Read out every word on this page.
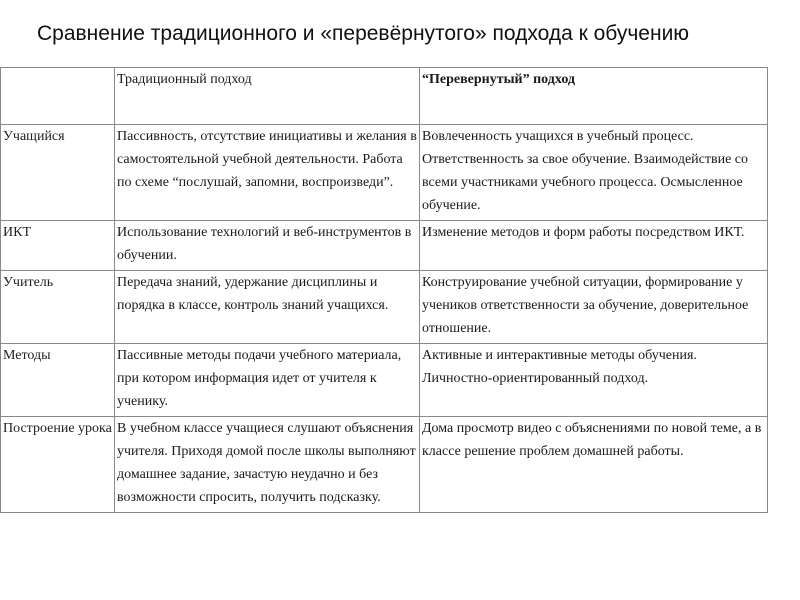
Сравнение традиционного и «перевёрнутого» подхода к обучению
	Традиционный подход	“Перевернутый” подход
Учащийся	Пассивность, отсутствие инициативы и желания в самостоятельной учебной деятельности. Работа по схеме “послушай, запомни, воспроизведи”.	Вовлеченность учащихся в учебный процесс. Ответственность за свое обучение. Взаимодействие со всеми участниками учебного процесса. Осмысленное обучение.
ИКТ	Использование технологий и веб-инструментов в обучении.	Изменение методов и форм работы посредством ИКТ.
Учитель	Передача знаний, удержание дисциплины и порядка в классе, контроль знаний учащихся.	Конструирование учебной ситуации, формирование у учеников ответственности за обучение, доверительное отношение.
Методы	Пассивные методы подачи учебного материала, при котором информация идет от учителя к ученику.	Активные и интерактивные методы обучения. Личностно-ориентированный подход.
Построение урока	В учебном классе учащиеся слушают объяснения учителя. Приходя домой после школы выполняют домашнее задание, зачастую неудачно и без возможности спросить, получить подсказку.	Дома просмотр видео с объяснениями по новой теме, а в классе решение проблем домашней работы.
